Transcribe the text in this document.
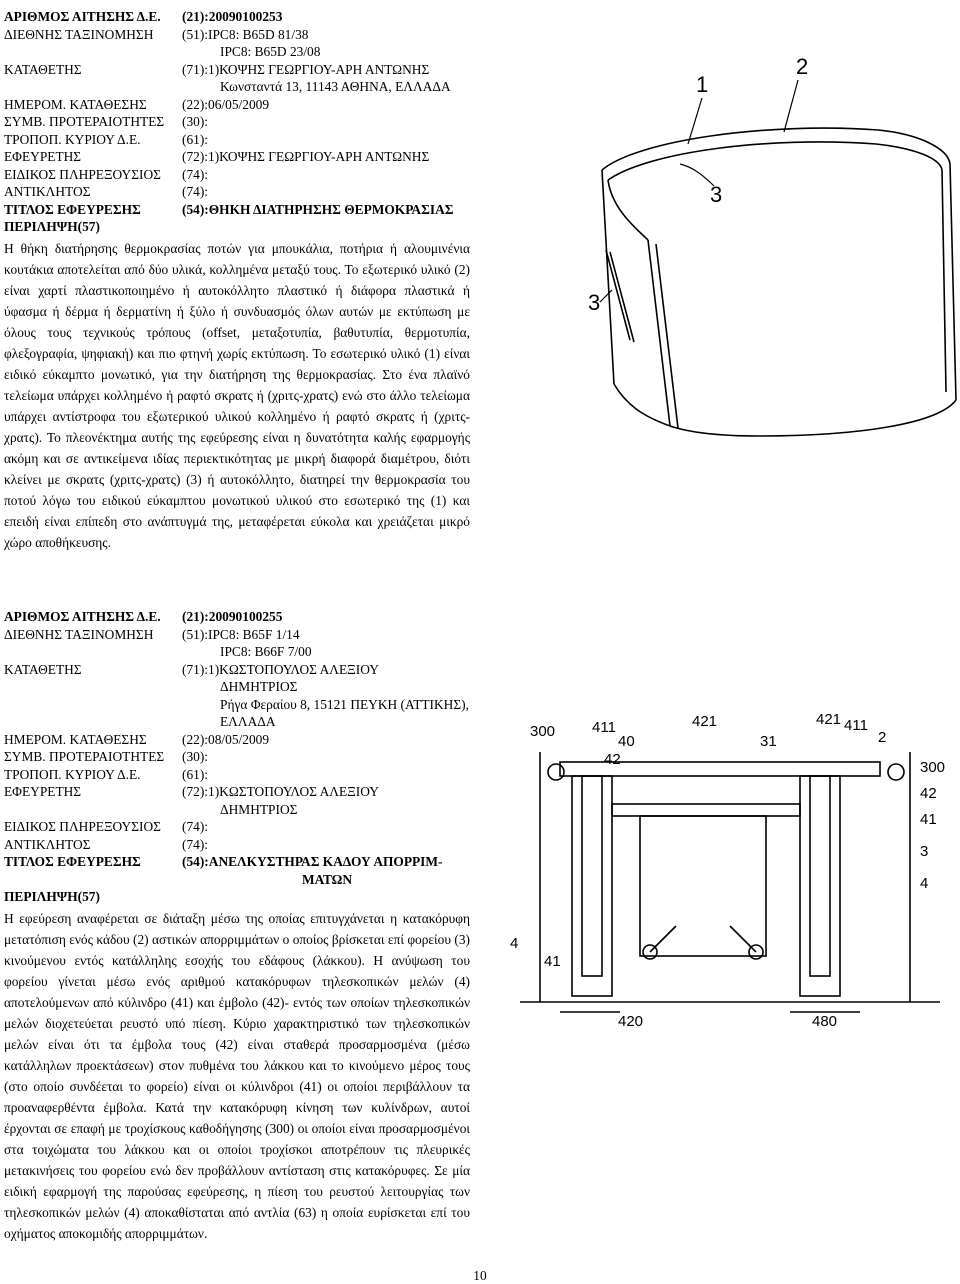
ΑΡΙΘΜΟΣ ΑΙΤΗΣΗΣ Δ.Ε.	(21):20090100253
ΔΙΕΘΝΗΣ ΤΑΞΙΝΟΜΗΣΗ	(51):IPC8: B65D 81/38
IPC8: B65D 23/08
ΚΑΤΑΘΕΤΗΣ	(71):1)ΚΟΨΗΣ ΓΕΩΡΓΙΟΥ-ΑΡΗ ΑΝΤΩΝΗΣ
Κωνσταντά 13, 11143 ΑΘΗΝΑ, ΕΛΛΑΔΑ
ΗΜΕΡΟΜ. ΚΑΤΑΘΕΣΗΣ	(22):06/05/2009
ΣΥΜΒ. ΠΡΟΤΕΡΑΙΟΤΗΤΕΣ	(30):
ΤΡΟΠΟΠ. ΚΥΡΙΟΥ Δ.Ε.	(61):
ΕΦΕΥΡΕΤΗΣ	(72):1)ΚΟΨΗΣ ΓΕΩΡΓΙΟΥ-ΑΡΗ ΑΝΤΩΝΗΣ
ΕΙΔΙΚΟΣ ΠΛΗΡΕΞΟΥΣΙΟΣ	(74):
ΑΝΤΙΚΛΗΤΟΣ	(74):
ΤΙΤΛΟΣ ΕΦΕΥΡΕΣΗΣ	(54):ΘΗΚΗ ΔΙΑΤΗΡΗΣΗΣ ΘΕΡΜΟΚΡΑΣΙΑΣ
ΠΕΡΙΛΗΨΗ(57)
Η θήκη διατήρησης θερμοκρασίας ποτών για μπουκάλια, ποτήρια ή αλουμινένια κουτάκια αποτελείται από δύο υλικά, κολλημένα μεταξύ τους. Το εξωτερικό υλικό (2) είναι χαρτί πλαστικοποιημένο ή αυτοκόλλητο πλαστικό ή διάφορα πλαστικά ή ύφασμα ή δέρμα ή δερματίνη ή ξύλο ή συνδυασμός όλων αυτών με εκτύπωση με όλους τους τεχνικούς τρόπους (offset, μεταξοτυπία, βαθυτυπία, θερμοτυπία, φλεξογραφία, ψηφιακή) και πιο φτηνή χωρίς εκτύπωση. Το εσωτερικό υλικό (1) είναι ειδικό εύκαμπτο μονωτικό, για την διατήρηση της θερμοκρασίας. Στο ένα πλαϊνό τελείωμα υπάρχει κολλημένο ή ραφτό σκρατς ή (χριτς-χρατς) ενώ στο άλλο τελείωμα υπάρχει αντίστροφα του εξωτερικού υλικού κολλημένο ή ραφτό σκρατς ή (χριτς-χρατς). Το πλεονέκτημα αυτής της εφεύρεσης είναι η δυνατότητα καλής εφαρμογής ακόμη και σε αντικείμενα ιδίας περιεκτικότητας με μικρή διαφορά διαμέτρου, διότι κλείνει με σκρατς (χριτς-χρατς) (3) ή αυτοκόλλητο, διατηρεί την θερμοκρασία του ποτού λόγω του ειδικού εύκαμπτου μονωτικού υλικού στο εσωτερικό της (1) και επειδή είναι επίπεδη στο ανάπτυγμά της, μεταφέρεται εύκολα και χρειάζεται μικρό χώρο αποθήκευσης.
1
2
3
3
ΑΡΙΘΜΟΣ ΑΙΤΗΣΗΣ Δ.Ε.	(21):20090100255
ΔΙΕΘΝΗΣ ΤΑΞΙΝΟΜΗΣΗ	(51):IPC8: B65F 1/14
IPC8: B66F 7/00
ΚΑΤΑΘΕΤΗΣ	(71):1)ΚΩΣΤΟΠΟΥΛΟΣ ΑΛΕΞΙΟΥ
ΔΗΜΗΤΡΙΟΣ
Ρήγα Φεραίου 8, 15121 ΠΕΥΚΗ (ΑΤΤΙΚΗΣ),
ΕΛΛΑΔΑ
ΗΜΕΡΟΜ. ΚΑΤΑΘΕΣΗΣ	(22):08/05/2009
ΣΥΜΒ. ΠΡΟΤΕΡΑΙΟΤΗΤΕΣ	(30):
ΤΡΟΠΟΠ. ΚΥΡΙΟΥ Δ.Ε.	(61):
ΕΦΕΥΡΕΤΗΣ	(72):1)ΚΩΣΤΟΠΟΥΛΟΣ ΑΛΕΞΙΟΥ
ΔΗΜΗΤΡΙΟΣ
ΕΙΔΙΚΟΣ ΠΛΗΡΕΞΟΥΣΙΟΣ	(74):
ΑΝΤΙΚΛΗΤΟΣ	(74):
ΤΙΤΛΟΣ ΕΦΕΥΡΕΣΗΣ	(54):ΑΝΕΛΚΥΣΤΗΡΑΣ ΚΑΔΟΥ ΑΠΟΡΡΙΜ-
ΜΑΤΩΝ
ΠΕΡΙΛΗΨΗ(57)
Η εφεύρεση αναφέρεται σε διάταξη μέσω της οποίας επιτυγχάνεται η κατακόρυφη μετατόπιση ενός κάδου (2) αστικών απορριμμάτων ο οποίος βρίσκεται επί φορείου (3) κινούμενου εντός κατάλληλης εσοχής του εδάφους (λάκκου). Η ανύψωση του φορείου γίνεται μέσω ενός αριθμού κατακόρυφων τηλεσκοπικών μελών (4) αποτελούμενων από κύλινδρο (41) και έμβολο (42)- εντός των οποίων τηλεσκοπικών μελών διοχετεύεται ρευστό υπό πίεση. Κύριο χαρακτηριστικό των τηλεσκοπικών μελών είναι ότι τα έμβολα τους (42) είναι σταθερά προσαρμοσμένα (μέσω κατάλληλων προεκτάσεων) στον πυθμένα του λάκκου και το κινούμενο μέρος τους (στο οποίο συνδέεται το φορείο) είναι οι κύλινδροι (41) οι οποίοι περιβάλλουν τα προαναφερθέντα έμβολα. Κατά την κατακόρυφη κίνηση των κυλίνδρων, αυτοί έρχονται σε επαφή με τροχίσκους καθοδήγησης (300) οι οποίοι είναι προσαρμοσμένοι στα τοιχώματα του λάκκου και οι οποίοι τροχίσκοι αποτρέπουν τις πλευρικές μετακινήσεις του φορείου ενώ δεν προβάλλουν αντίσταση στις κατακόρυφες. Σε μία ειδική εφαρμογή της παρούσας εφεύρεσης, η πίεση του ρευστού λειτουργίας των τηλεσκοπικών μελών (4) αποκαθίσταται από αντλία (63) η οποία ευρίσκεται επί του οχήματος αποκομιδής απορριμμάτων.
300 411
40
421
42
31
421 411
2
300
42
41
3
4
41
420	480
4
10
